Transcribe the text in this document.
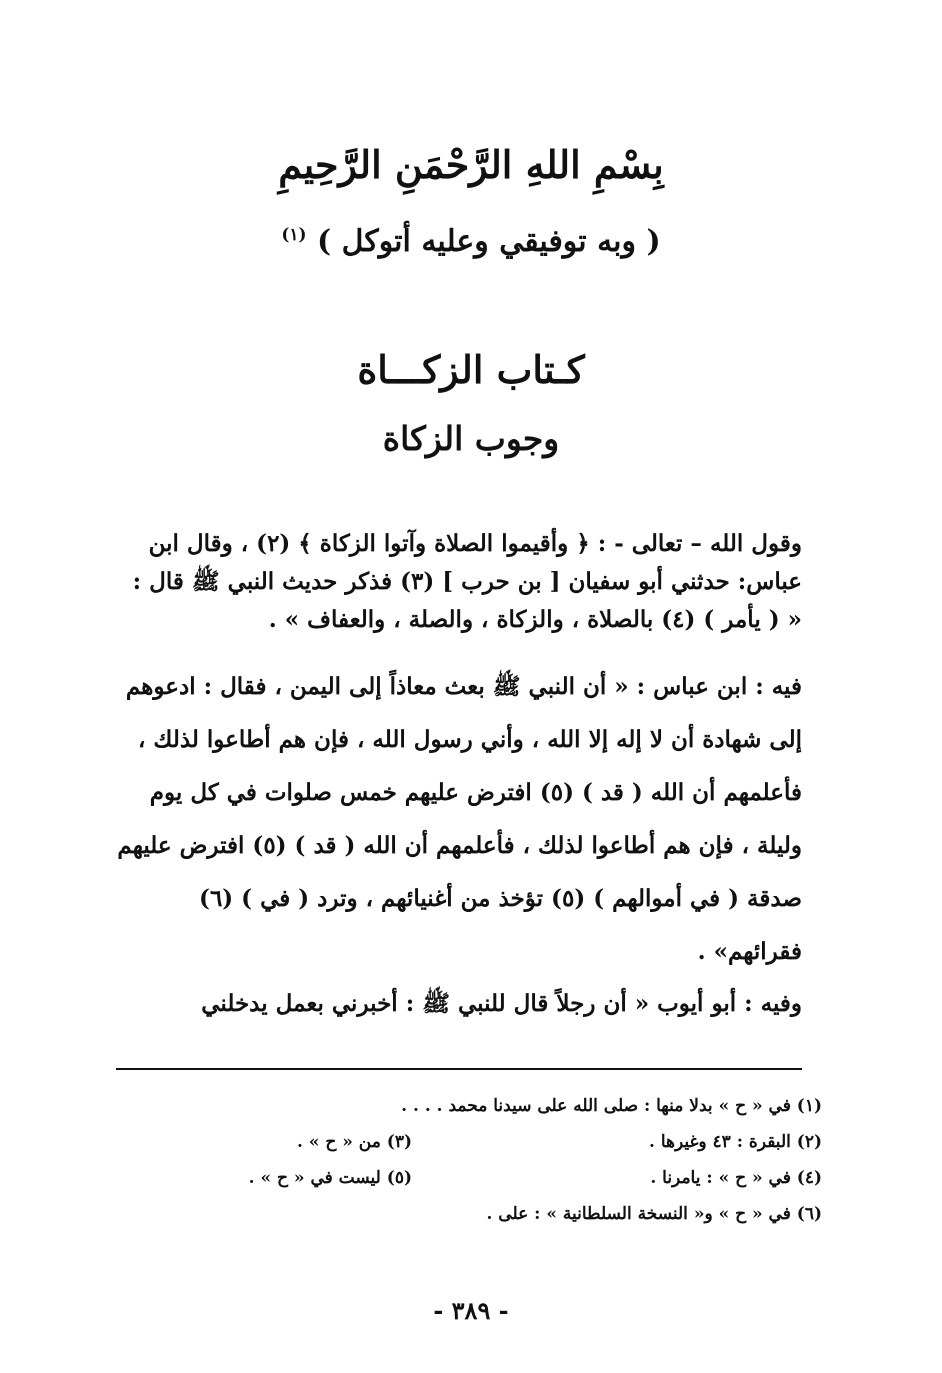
بِسْمِ اللهِ الرَّحْمَنِ الرَّحِيمِ
( وبه توفيقي وعليه أتوكل ) $^{(١)}$
كـتاب الزكـــاة
وجوب الزكاة
وقول الله – تعالى - : ﴿ وأقيموا الصلاة وآتوا الزكاة ﴾ (٢) ، وقال ابن
عباس: حدثني أبو سفيان [ بن حرب ] (٣) فذكر حديث النبي ﷺ قال :
« ( يأمر ) (٤) بالصلاة ، والزكاة ، والصلة ، والعفاف » .
فيه : ابن عباس : « أن النبي ﷺ بعث معاذاً إلى اليمن ، فقال : ادعوهم
إلى شهادة أن لا إله إلا الله ، وأني رسول الله ، فإن هم أطاعوا لذلك ،
فأعلمهم أن الله ( قد ) (٥) افترض عليهم خمس صلوات في كل يوم
وليلة ، فإن هم أطاعوا لذلك ، فأعلمهم أن الله ( قد ) (٥) افترض عليهم
صدقة ( في أموالهم ) (٥) تؤخذ من أغنيائهم ، وترد ( في ) (٦)
فقرائهم» .
وفيه : أبو أيوب « أن رجلاً قال للنبي ﷺ : أخبرني بعمل يدخلني
(١) في « ح » بدلا منها : صلى الله على سيدنا محمد . . . .
(٢) البقرة : ٤٣ وغيرها .
(٣) من « ح » .
(٤) في « ح » : يامرنا .
(٥) ليست في « ح » .
(٦) في « ح » و« النسخة السلطانية » : على .
- ٣٨٩ -
